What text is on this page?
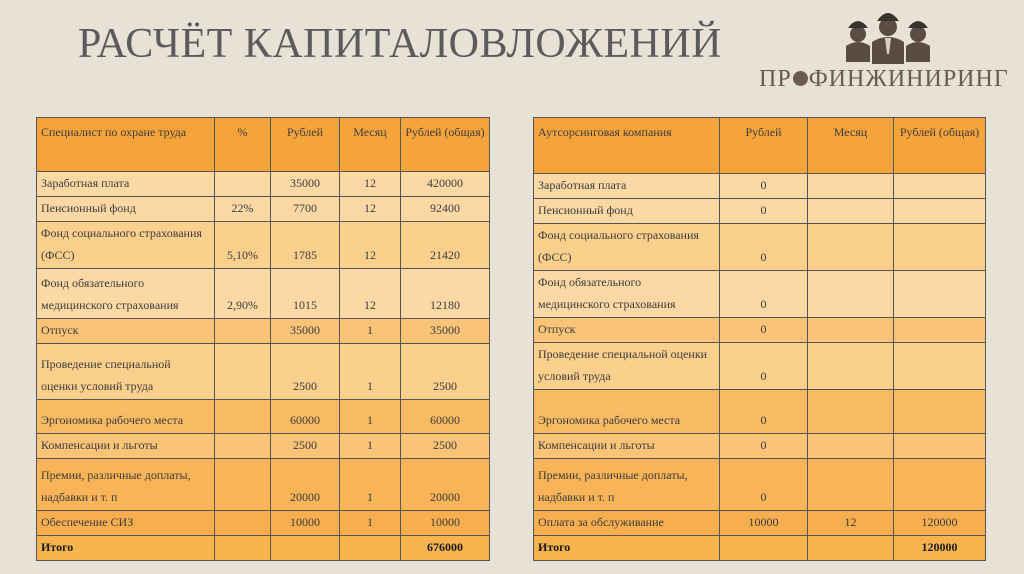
РАСЧЁТ КАПИТАЛОВЛОЖЕНИЙ
ПР ФИНЖИНИРИНГ
Специалист по охране труда	%	Рублей	Месяц	Рублей (общая)
Заработная плата		35000	12	420000
Пенсионный фонд	22%	7700	12	92400
Фонд социального страхования (ФСС)	5,10%	1785	12	21420
Фонд обязательного медицинского страхования	2,90%	1015	12	12180
Отпуск		35000	1	35000
Проведение специальной оценки условий труда		2500	1	2500
Эргономика рабочего места		60000	1	60000
Компенсации и льготы		2500	1	2500
Премии, различные доплаты, надбавки и т. п		20000	1	20000
Обеспечение СИЗ		10000	1	10000
Итого				676000
Аутсорсинговая компания	Рублей	Месяц	Рублей (общая)
Заработная плата	0		
Пенсионный фонд	0		
Фонд социального страхования (ФСС)	0		
Фонд обязательного медицинского страхования	0		
Отпуск	0		
Проведение специальной оценки условий труда	0		
Эргономика рабочего места	0		
Компенсации и льготы	0		
Премии, различные доплаты, надбавки и т. п	0		
Оплата за обслуживание	10000	12	120000
Итого			120000
